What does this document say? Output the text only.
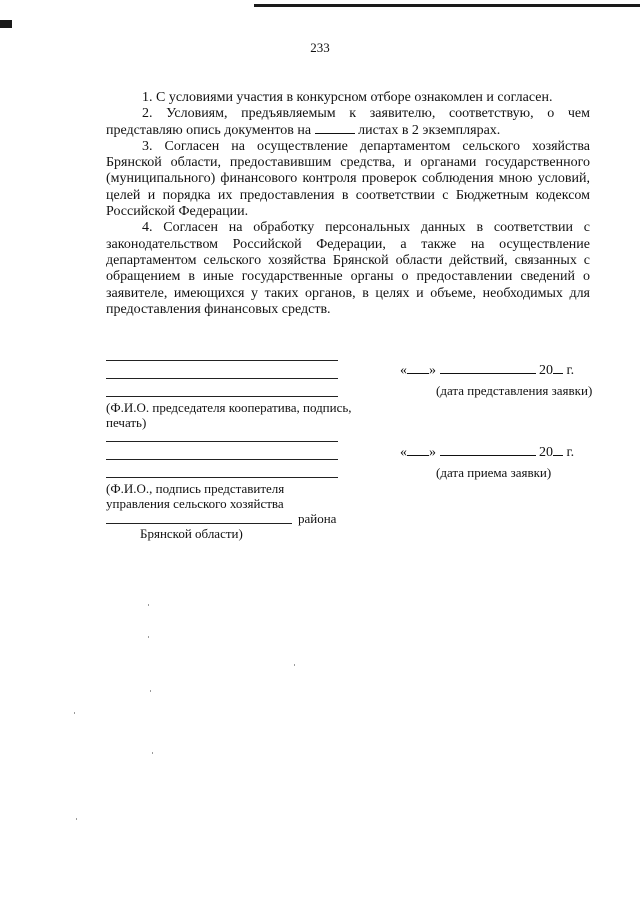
233

1. С условиями участия в конкурсном отборе ознакомлен и согласен.

2. Условиям, предъявляемым к заявителю, соответствую, о чем представляю опись документов на	листах в 2 экземплярах.

3. Согласен на осуществление департаментом сельского хозяйства Брянской области, предоставившим средства, и органами государственного (муниципального) финансового контроля проверок соблюдения мною условий, целей и порядка их предоставления в соответствии с Бюджетным кодексом Российской Федерации.

4. Согласен на обработку персональных данных в соответствии с законодательством Российской Федерации, а также на осуществление департаментом сельского хозяйства Брянской области действий, связанных с обращением в иные государственные органы о предоставлении сведений о заявителе, имеющихся у таких органов, в целях и объеме, необходимых для предоставления финансовых средств.

(Ф.И.О. председателя кооператива, подпись, печать)
« »	20 г.
(дата представления заявки)
(Ф.И.О., подпись представителя
управления сельского хозяйства
района
Брянской области)
« »	20 г.
(дата приема заявки)
